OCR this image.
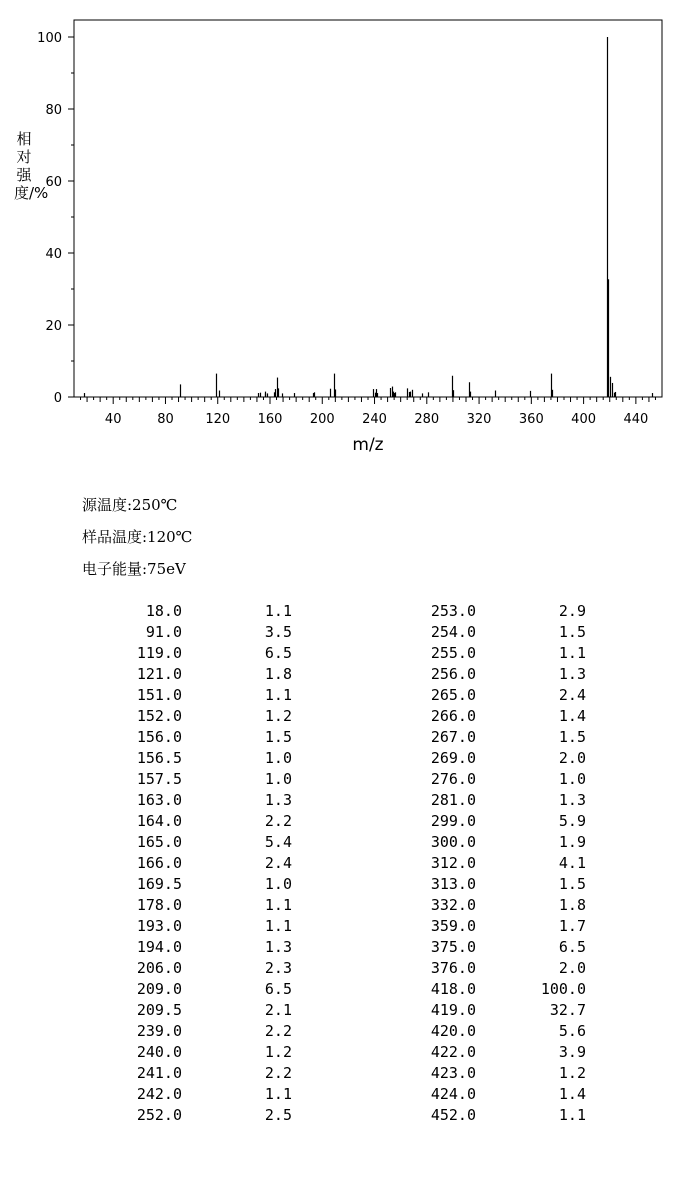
0
20
40
60
80
100
40	80 120 160 200 240 280 320 360 400 440
m/z
相对强度/%
源温度:250℃
样品温度:120℃
电子能量:75eV
18.0	1.1
91.0	3.5
119.0	6.5
121.0	1.8
151.0	1.1
152.0	1.2
156.0	1.5
156.5	1.0
157.5	1.0
163.0	1.3
164.0	2.2
165.0	5.4
166.0	2.4
169.5	1.0
178.0	1.1
193.0	1.1
194.0	1.3
206.0	2.3
209.0	6.5
209.5	2.1
239.0	2.2
240.0	1.2
241.0	2.2
242.0	1.1
252.0	2.5
253.0	2.9
254.0	1.5
255.0	1.1
256.0	1.3
265.0	2.4
266.0	1.4
267.0	1.5
269.0	2.0
276.0	1.0
281.0	1.3
299.0	5.9
300.0	1.9
312.0	4.1
313.0	1.5
332.0	1.8
359.0	1.7
375.0	6.5
376.0	2.0
418.0	100.0
419.0	32.7
420.0	5.6
422.0	3.9
423.0	1.2
424.0	1.4
452.0	1.1
